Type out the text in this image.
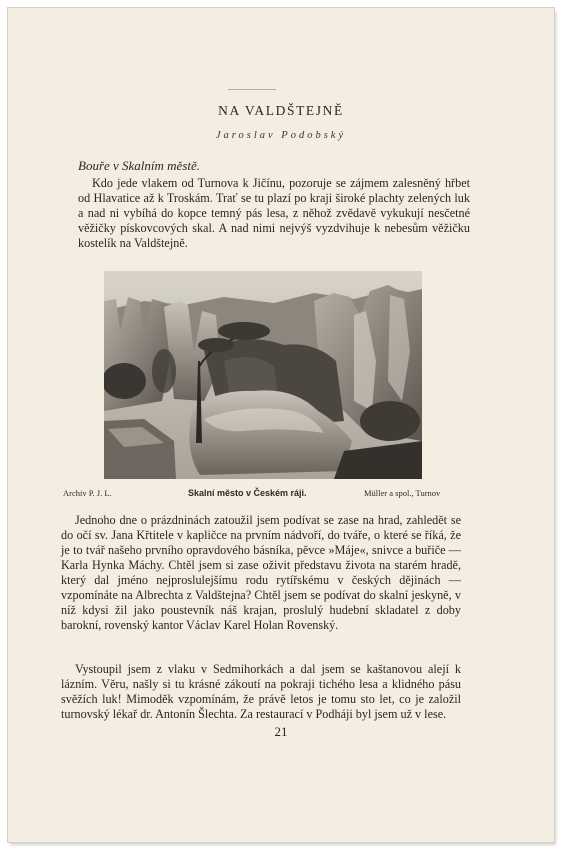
NA VALDŠTEJNĚ
Jaroslav Podobský
Bouře v Skalním městě.
Kdo jede vlakem od Turnova k Jičínu, pozoruje se zájmem zalesněný hřbet od Hlavatice až k Troskám. Trať se tu plazí po kraji široké plachty zelených luk a nad ni vybíhá do kopce temný pás lesa, z něhož zvědavě vykukují nesčetné věžičky pískovcových skal. A nad nimi nejvýš vyzdvihuje k nebesům věžičku kostelík na Valdštejně.
Archiv P. J. L.	Skalní město v Českém ráji.	Müller a spol., Turnov
Jednoho dne o prázdninách zatoužil jsem podívat se zase na hrad, zahledět se do očí sv. Jana Křtitele v kapličce na prvním nádvoří, do tváře, o které se říká, že je to tvář našeho prvního opravdového básníka, pěvce »Máje«, snivce a buřiče — Karla Hynka Máchy. Chtěl jsem si zase oživit představu života na starém hradě, který dal jméno nejproslulejšímu rodu rytířskému v českých dějinách — vzpomínáte na Albrechta z Valdštejna? Chtěl jsem se podívat do skalní jeskyně, v níž kdysi žil jako poustevník náš krajan, proslulý hudební skladatel z doby barokní, rovenský kantor Václav Karel Holan Rovenský.
Vystoupil jsem z vlaku v Sedmihorkách a dal jsem se kaštanovou alejí k lázním. Věru, našly si tu krásné zákoutí na pokraji tichého lesa a klidného pásu svěžích luk! Mimoděk vzpomínám, že právě letos je tomu sto let, co je založil turnovský lékař dr. Antonín Šlechta. Za restaurací v Podháji byl jsem už v lese.
21
